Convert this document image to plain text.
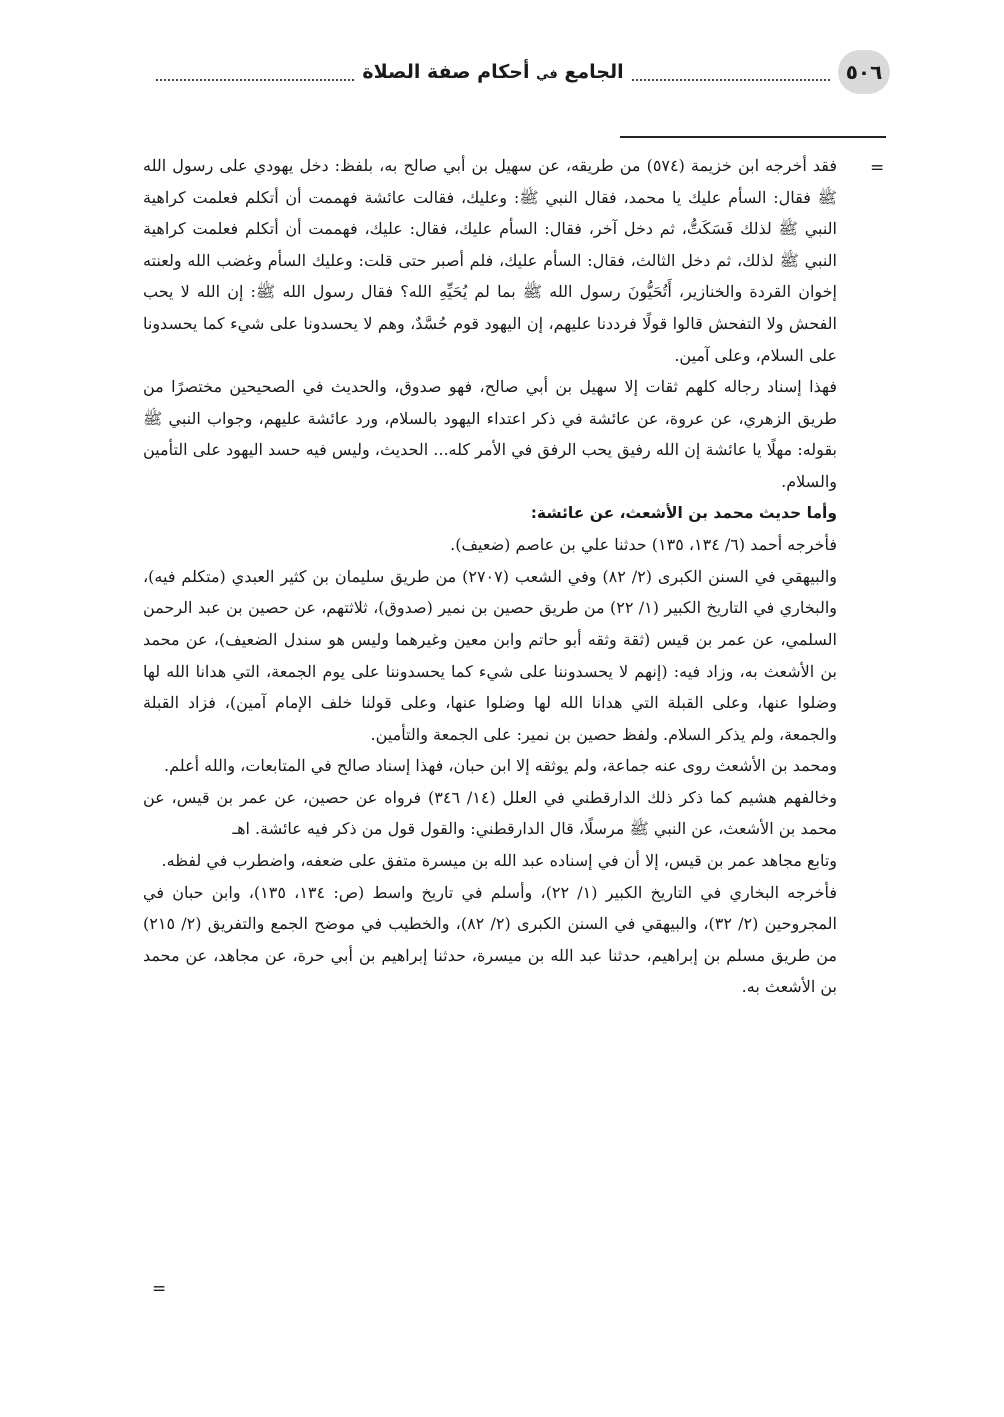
٥٠٦
الجامع في أحكام صفة الصلاة
=

فقد أخرجه ابن خزيمة (٥٧٤) من طريقه، عن سهيل بن أبي صالح به، بلفظ: دخل يهودي على رسول الله ﷺ فقال: السأم عليك يا محمد، فقال النبي ﷺ: وعليك، فقالت عائشة فهممت أن أتكلم فعلمت كراهية النبي ﷺ لذلك فَسَكَتُّ، ثم دخل آخر، فقال: السأم عليك، فقال: عليك، فهممت أن أتكلم فعلمت كراهية النبي ﷺ لذلك، ثم دخل الثالث، فقال: السأم عليك، فلم أصبر حتى قلت: وعليك السأم وغضب الله ولعنته إخوان القردة والخنازير، أَتُحَيُّونَ رسول الله ﷺ بما لم يُحَيِّهِ الله؟ فقال رسول الله ﷺ: إن الله لا يحب الفحش ولا التفحش قالوا قولًا فرددنا عليهم، إن اليهود قوم حُسَّدٌ، وهم لا يحسدونا على شيء كما يحسدونا على السلام، وعلى آمين.

فهذا إسناد رجاله كلهم ثقات إلا سهيل بن أبي صالح، فهو صدوق، والحديث في الصحيحين مختصرًا من طريق الزهري، عن عروة، عن عائشة في ذكر اعتداء اليهود بالسلام، ورد عائشة عليهم، وجواب النبي ﷺ بقوله: مهلًا يا عائشة إن الله رفيق يحب الرفق في الأمر كله... الحديث، وليس فيه حسد اليهود على التأمين والسلام.

وأما حديث محمد بن الأشعث، عن عائشة:

فأخرجه أحمد (٦/ ١٣٤، ١٣٥) حدثنا علي بن عاصم (ضعيف).

والبيهقي في السنن الكبرى (٢/ ٨٢) وفي الشعب (٢٧٠٧) من طريق سليمان بن كثير العبدي (متكلم فيه)، والبخاري في التاريخ الكبير (١/ ٢٢) من طريق حصين بن نمير (صدوق)، ثلاثتهم، عن حصين بن عبد الرحمن السلمي، عن عمر بن قيس (ثقة وثقه أبو حاتم وابن معين وغيرهما وليس هو سندل الضعيف)، عن محمد بن الأشعث به، وزاد فيه: (إنهم لا يحسدوننا على شيء كما يحسدوننا على يوم الجمعة، التي هدانا الله لها وضلوا عنها، وعلى القبلة التي هدانا الله لها وضلوا عنها، وعلى قولنا خلف الإمام آمين)، فزاد القبلة والجمعة، ولم يذكر السلام. ولفظ حصين بن نمير: على الجمعة والتأمين.

ومحمد بن الأشعث روى عنه جماعة، ولم يوثقه إلا ابن حبان، فهذا إسناد صالح في المتابعات، والله أعلم.

وخالفهم هشيم كما ذكر ذلك الدارقطني في العلل (١٤/ ٣٤٦) فرواه عن حصين، عن عمر بن قيس، عن محمد بن الأشعث، عن النبي ﷺ مرسلًا، قال الدارقطني: والقول قول من ذكر فيه عائشة. اهـ

وتابع مجاهد عمر بن قيس، إلا أن في إسناده عبد الله بن ميسرة متفق على ضعفه، واضطرب في لفظه.

فأخرجه البخاري في التاريخ الكبير (١/ ٢٢)، وأسلم في تاريخ واسط (ص: ١٣٤، ١٣٥)، وابن حبان في المجروحين (٢/ ٣٢)، والبيهقي في السنن الكبرى (٢/ ٨٢)، والخطيب في موضح الجمع والتفريق (٢/ ٢١٥) من طريق مسلم بن إبراهيم، حدثنا عبد الله بن ميسرة، حدثنا إبراهيم بن أبي حرة، عن مجاهد، عن محمد بن الأشعث به.

=
